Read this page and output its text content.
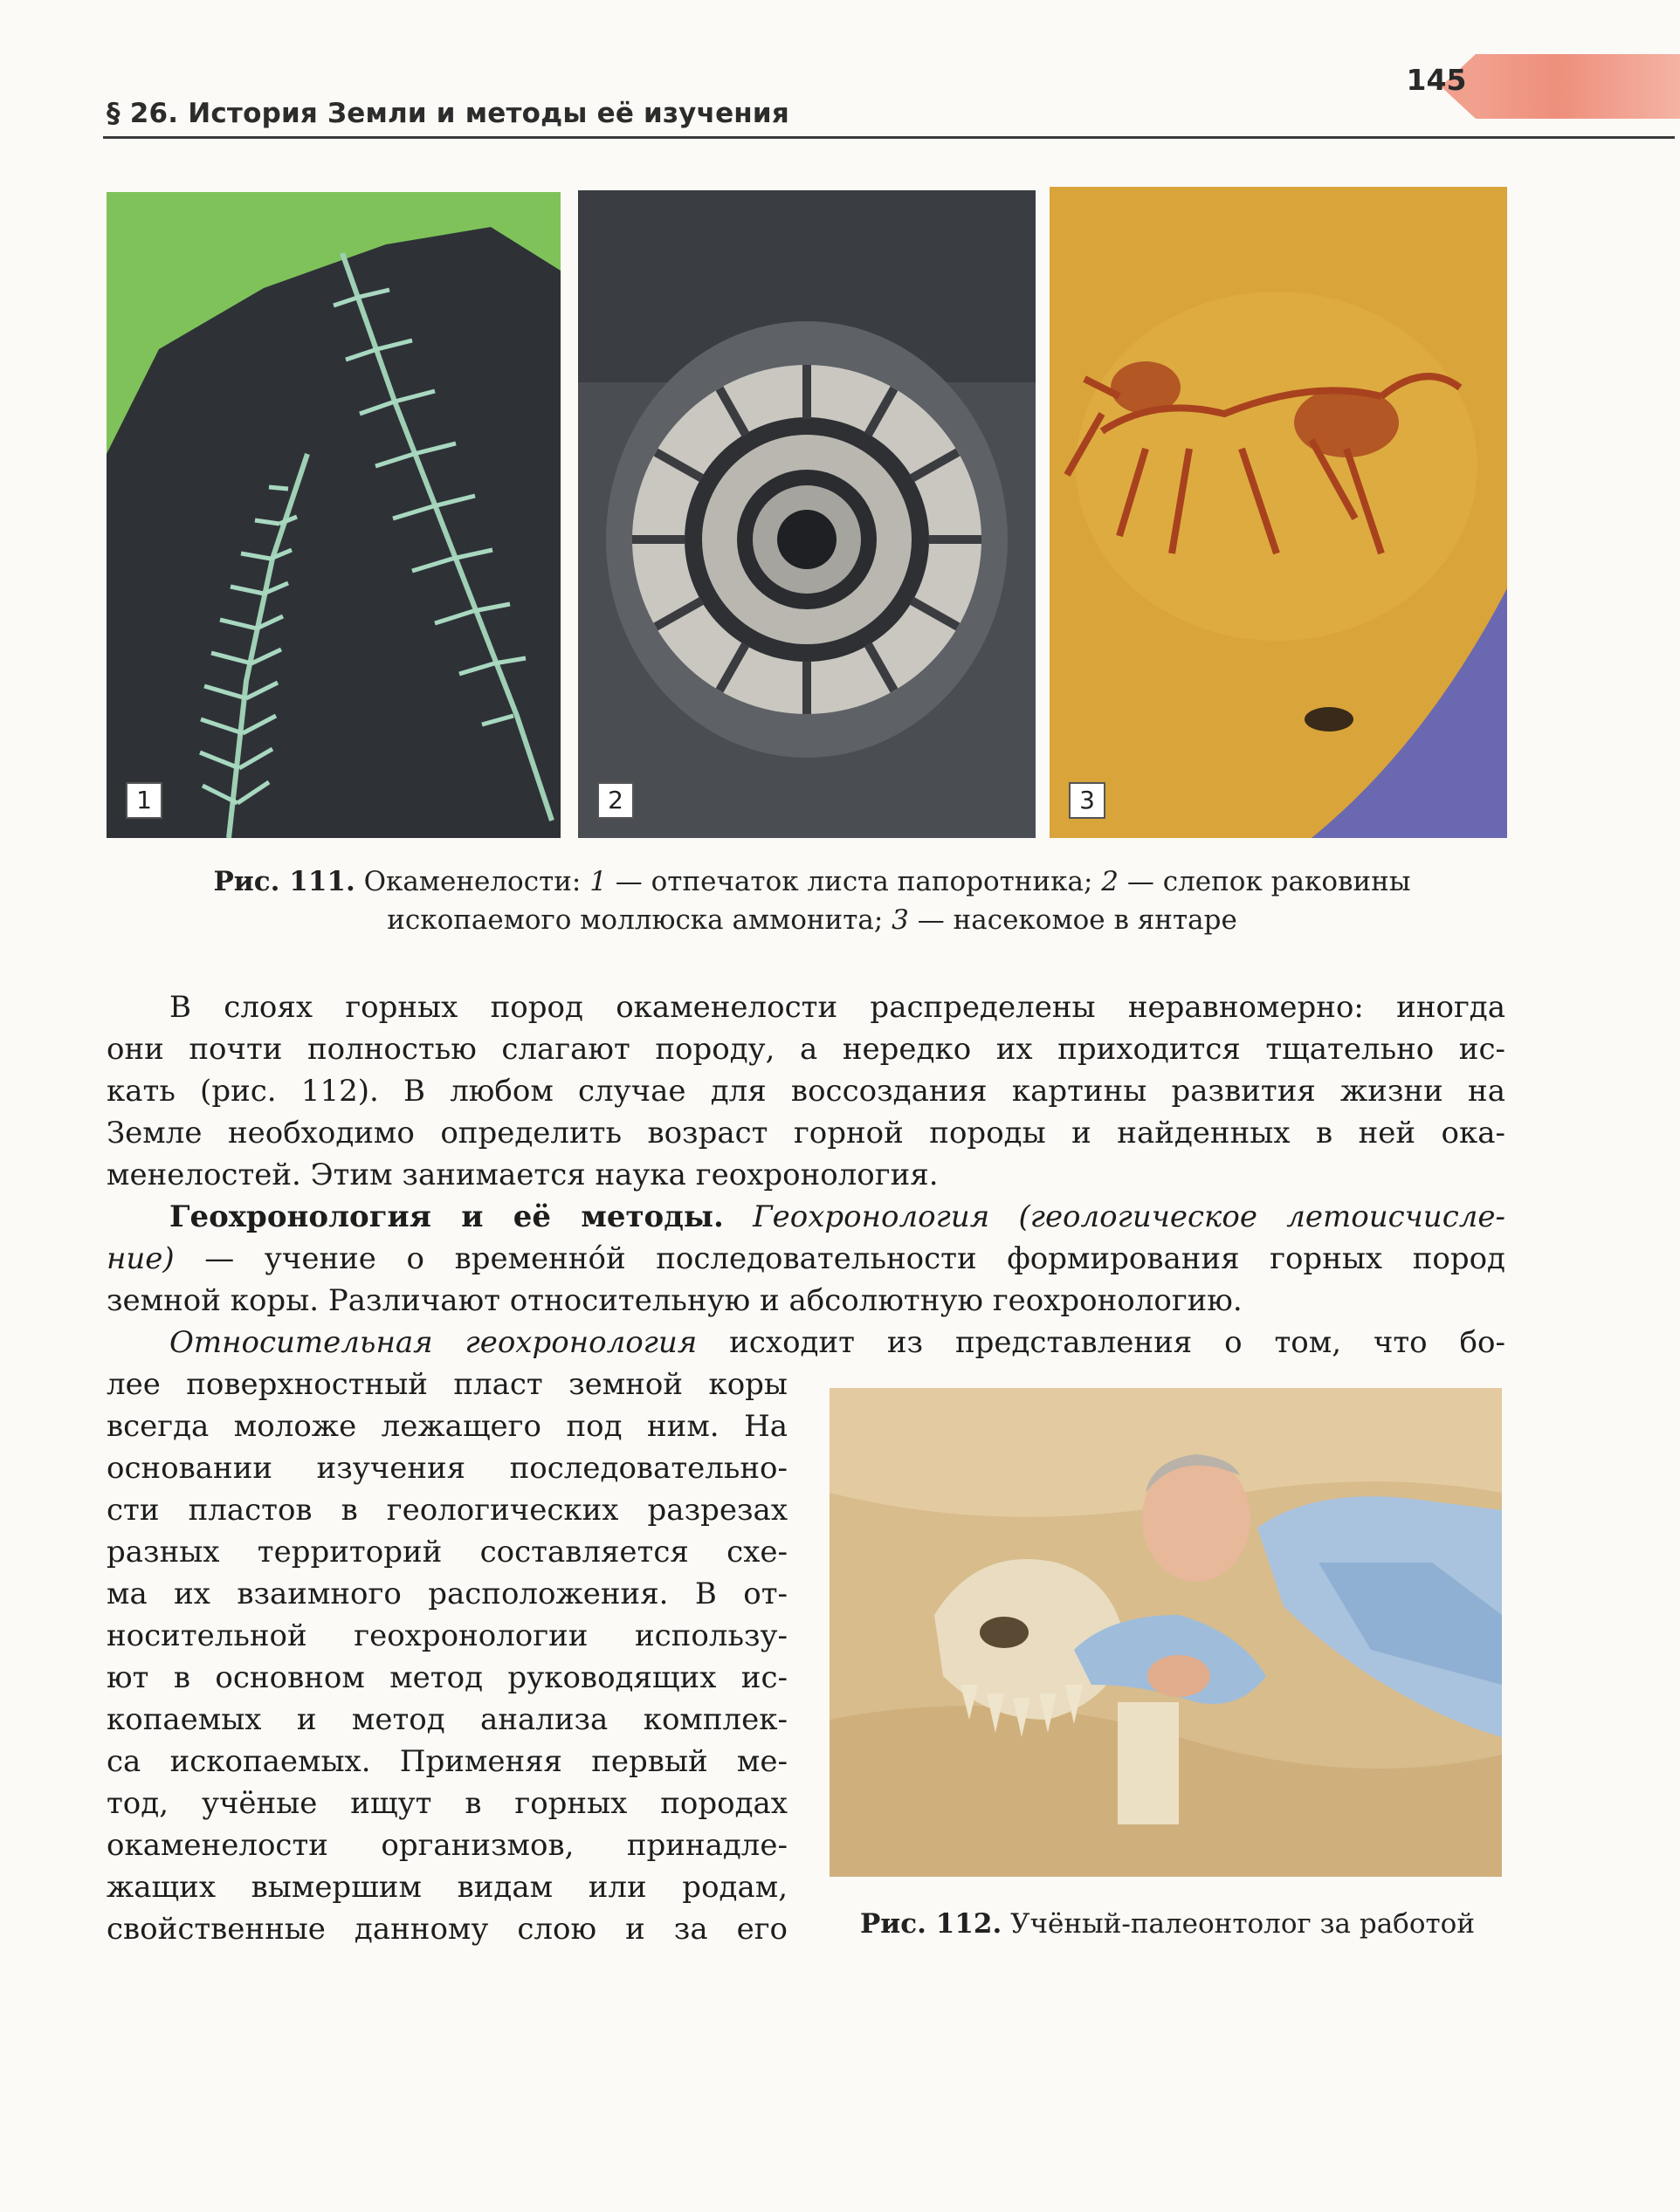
145
§ 26. История Земли и методы её изучения
1	2	3
Рис. 111. Окаменелости: 1 — отпечаток листа папоротника; 2 — слепок раковины
ископаемого моллюска аммонита; 3 — насекомое в янтаре
В слоях горных пород окаменелости распределены неравномерно: иногда
они почти полностью слагают породу, а нередко их приходится тщательно ис-
кать (рис. 112). В любом случае для воссоздания картины развития жизни на
Земле необходимо определить возраст горной породы и найденных в ней ока-
менелостей. Этим занимается наука геохронология.
Геохронология и её методы. Геохронология (геологическое летоисчисле-
ние) — учение о временно́й последовательности формирования горных пород
земной коры. Различают относительную и абсолютную геохронологию.
Относительная геохронология исходит из представления о том, что бо-
лее поверхностный пласт земной коры
всегда моложе лежащего под ним. На
основании изучения последовательно-
сти пластов в геологических разрезах
разных территорий составляется схе-
ма их взаимного расположения. В от-
носительной геохронологии использу-
ют в основном метод руководящих ис-
копаемых и метод анализа комплек-
са ископаемых. Применяя первый ме-
тод, учёные ищут в горных породах
окаменелости организмов, принадле-
жащих вымершим видам или родам,
свойственные данному слою и за его	Рис. 112. Учёный-палеонтолог за работой
